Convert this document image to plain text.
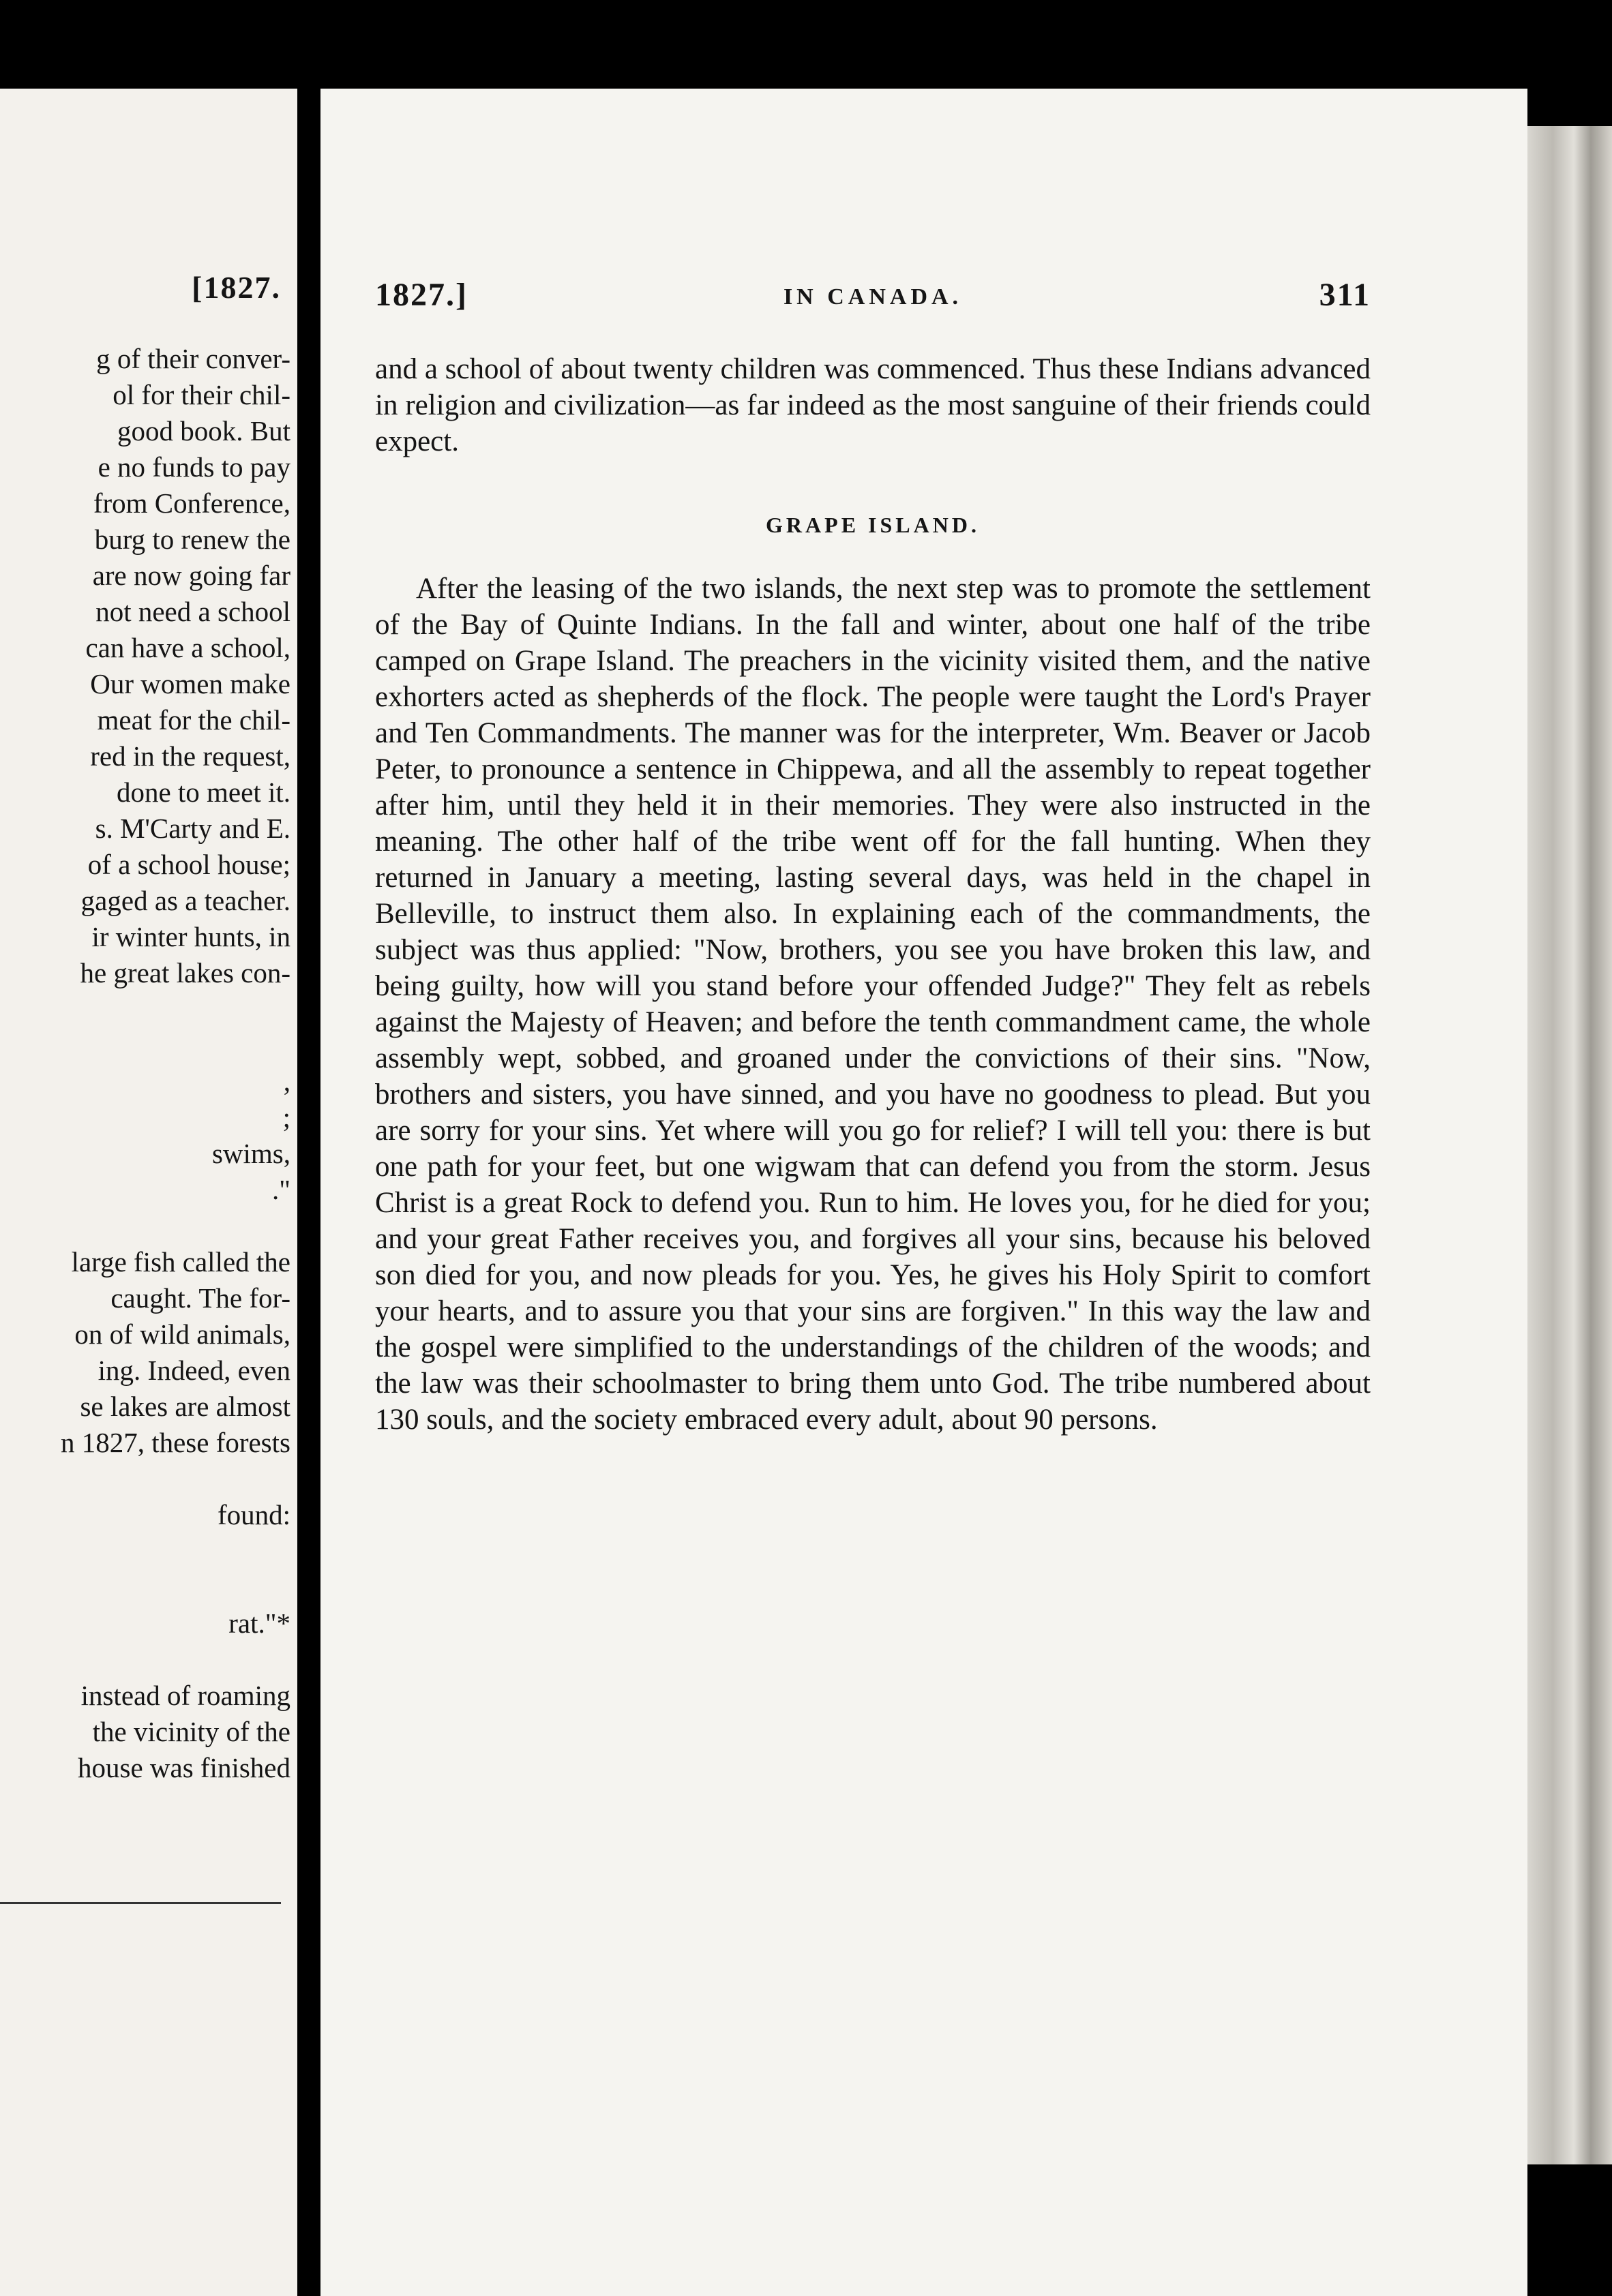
[1827.
g of their conver-
ol for their chil-
good book. But
e no funds to pay
from Conference,
burg to renew the
are now going far
not need a school
can have a school,
Our women make
meat for the chil-
red in the request,
done to meet it.
s. M'Carty and E.
of a school house;
gaged as a teacher.
ir winter hunts, in
he great lakes con-

,
;
swims,
."

large fish called the
caught. The for-
on of wild animals,
ing. Indeed, even
se lakes are almost
n 1827, these forests

found:

rat."*

instead of roaming
the vicinity of the
house was finished
1827.]	IN CANADA.	311

and a school of about twenty children was commenced. Thus these Indians advanced in religion and civilization—as far indeed as the most sanguine of their friends could expect.

GRAPE ISLAND.

After the leasing of the two islands, the next step was to promote the settlement of the Bay of Quinte Indians. In the fall and winter, about one half of the tribe camped on Grape Island. The preachers in the vicinity visited them, and the native exhorters acted as shepherds of the flock. The people were taught the Lord's Prayer and Ten Commandments. The manner was for the interpreter, Wm. Beaver or Jacob Peter, to pronounce a sentence in Chippewa, and all the assembly to repeat together after him, until they held it in their memories. They were also instructed in the meaning. The other half of the tribe went off for the fall hunting. When they returned in January a meeting, lasting several days, was held in the chapel in Belleville, to instruct them also. In explaining each of the commandments, the subject was thus applied: "Now, brothers, you see you have broken this law, and being guilty, how will you stand before your offended Judge?" They felt as rebels against the Majesty of Heaven; and before the tenth commandment came, the whole assembly wept, sobbed, and groaned under the convictions of their sins. "Now, brothers and sisters, you have sinned, and you have no goodness to plead. But you are sorry for your sins. Yet where will you go for relief? I will tell you: there is but one path for your feet, but one wigwam that can defend you from the storm. Jesus Christ is a great Rock to defend you. Run to him. He loves you, for he died for you; and your great Father receives you, and forgives all your sins, because his beloved son died for you, and now pleads for you. Yes, he gives his Holy Spirit to comfort your hearts, and to assure you that your sins are forgiven." In this way the law and the gospel were simplified to the understandings of the children of the woods; and the law was their schoolmaster to bring them unto God. The tribe numbered about 130 souls, and the society embraced every adult, about 90 persons.
